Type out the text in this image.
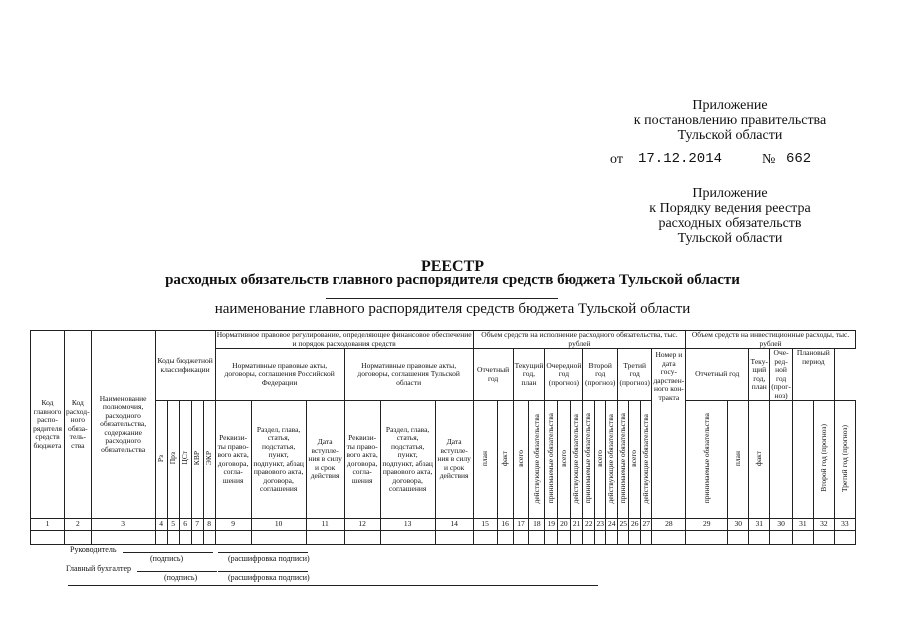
Приложение
к постановлению правительства
Тульской области
от 17.12.2014	№ 662
Приложение
к Порядку ведения реестра
расходных обязательств
Тульской области
РЕЕСТР
расходных обязательств главного распорядителя средств бюджета Тульской области
наименование главного распорядителя средств бюджета Тульской области
Код главного распо-рядителя средств бюджета	Код расход-ного обяза-тель-ства	Наименование полномочия, расходного обязательства, содержание расходного обязательства	Коды бюджетной классификации					Нормативное правовое регулирование, определяющее финансовое обеспечение и порядок расходования средств						Объем средств на исполнение расходного обязательства, тыс. рублей														Объем средств на инвестиционные расходы, тыс. рублей						
								Нормативные правовые акты, договоры, соглашения Российской Федерации			Нормативные правовые акты, договоры, соглашения Тульской области			Отчетный год		Текущий год, план		Очередной год (прогноз)			Второй год (прогноз)			Третий год (прогноз)			Номер и дата госу-дарствен-ного кон-тракта	Отчетный год		Теку-щий год, план	Оче-ред-ной год (прог-ноз)	Плановый период		

			Рз	Прз	ЦСт	КВР	ЭКР	Реквизи-ты право-вого акта, договора, согла-шения	Раздел, глава, статья, подстатья, пункт, подпункт, абзац правового акта, договора, соглашения	Дата вступле-ния в силу и срок действия	Реквизи-ты право-вого акта, договора, согла-шения	Раздел, глава, статья, подстатья, пункт, подпункт, абзац правового акта, договора, соглашения	Дата вступле-ния в силу и срок действия	план	факт	всего	действующие обязательства	принимаемые обязательства	всего	действующие обязательства	принимаемые обязательства	всего	действующие обязательства	принимаемые обязательства	всего	действующие обязательства		принимаемые обязательства	план	факт			Второй год (прогноз)	Третий год (прогноз)
1	2	3	4	5	6	7	8	9	10	11	12	13	14	15	16	17	18	19	20	21	22	23	24	25	26	27	28	29	30	31	30	31	32	33

Руководитель
(подпись)	(расшифровка подписи)
Главный бухгалтер
(подпись)	(расшифровка подписи)
